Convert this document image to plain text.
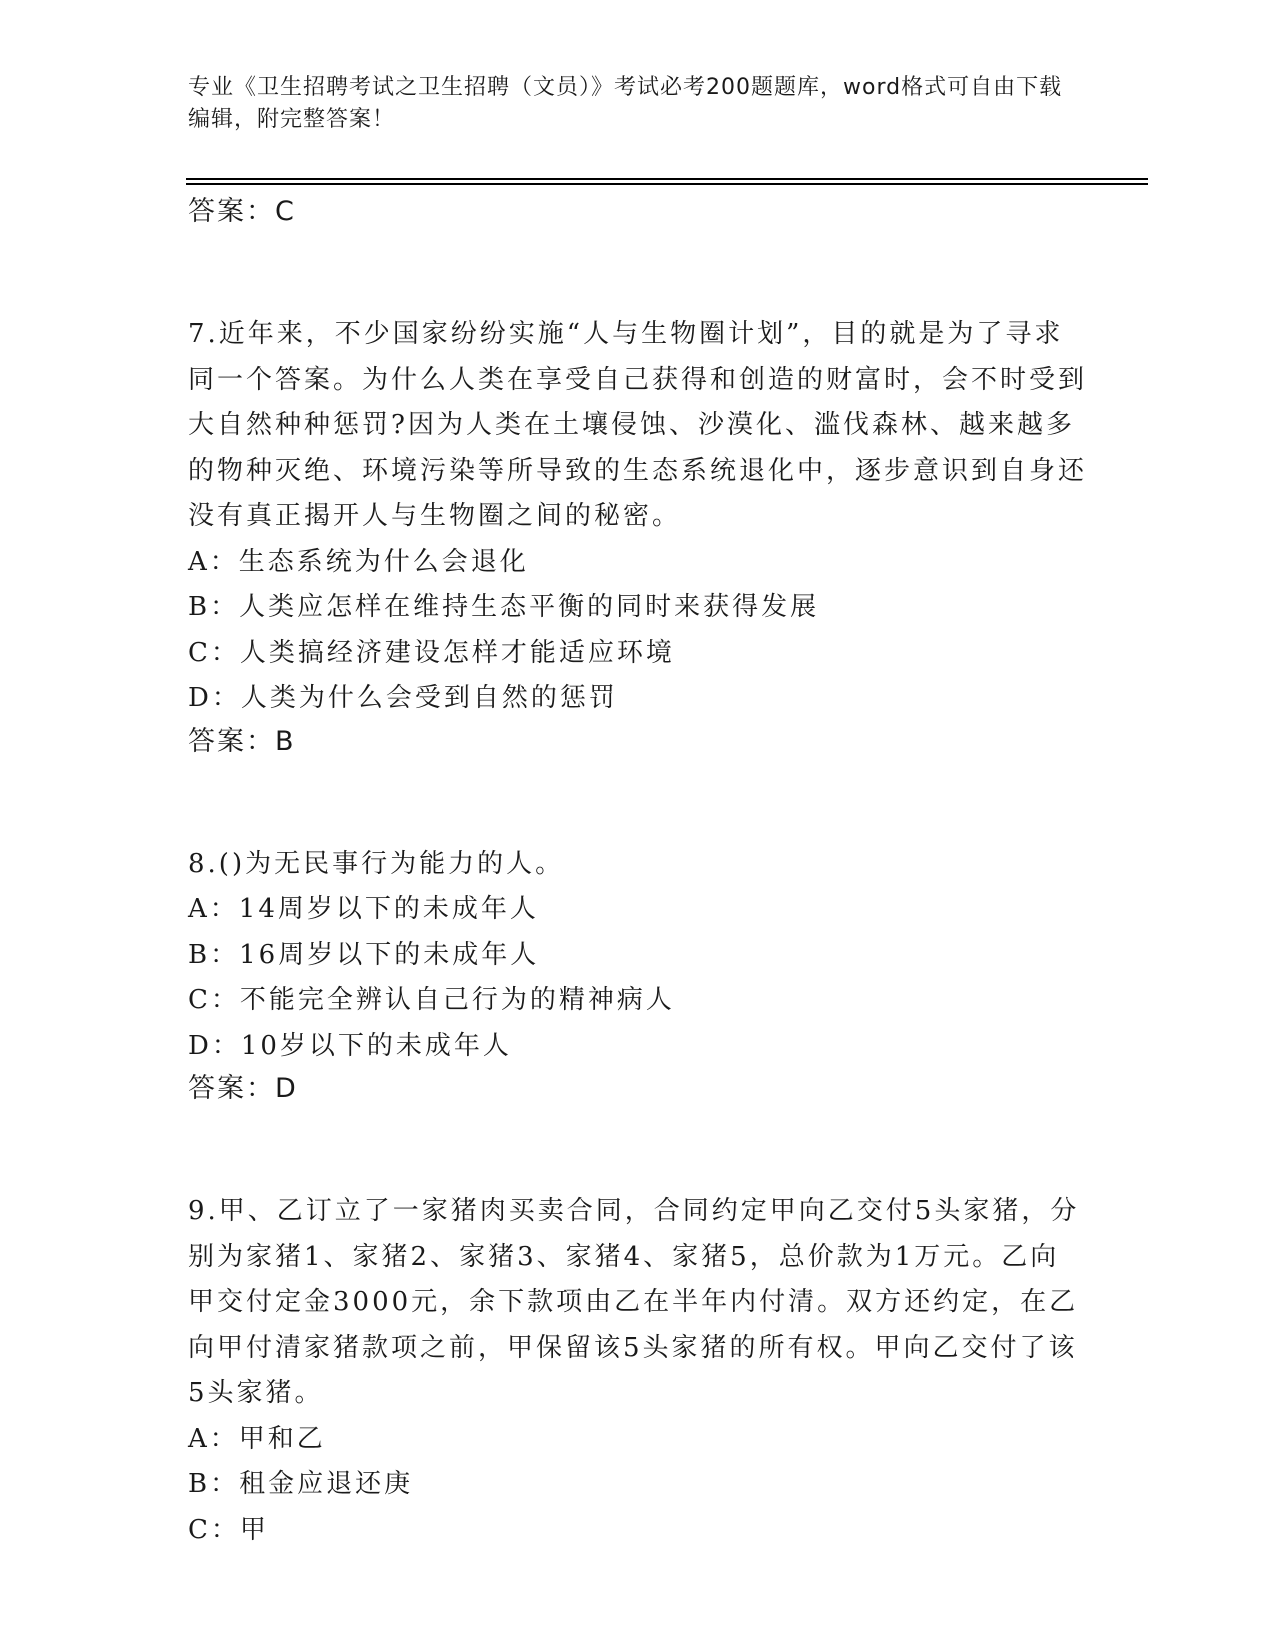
专业《卫生招聘考试之卫生招聘（文员）》考试必考200题题库，word格式可自由下载编辑，附完整答案！
答案：C

7.近年来，不少国家纷纷实施“人与生物圈计划”，目的就是为了寻求同一个答案。为什么人类在享受自己获得和创造的财富时，会不时受到大自然种种惩罚?因为人类在土壤侵蚀、沙漠化、滥伐森林、越来越多的物种灭绝、环境污染等所导致的生态系统退化中，逐步意识到自身还没有真正揭开人与生物圈之间的秘密。

A：生态系统为什么会退化
B：人类应怎样在维持生态平衡的同时来获得发展
C：人类搞经济建设怎样才能适应环境
D：人类为什么会受到自然的惩罚
答案：B

8.()为无民事行为能力的人。

A：14周岁以下的未成年人
B：16周岁以下的未成年人
C：不能完全辨认自己行为的精神病人
D：10岁以下的未成年人
答案：D

9.甲、乙订立了一家猪肉买卖合同，合同约定甲向乙交付5头家猪，分别为家猪1、家猪2、家猪3、家猪4、家猪5，总价款为1万元。乙向甲交付定金3000元，余下款项由乙在半年内付清。双方还约定，在乙向甲付清家猪款项之前，甲保留该5头家猪的所有权。甲向乙交付了该5头家猪。

A：甲和乙
B：租金应退还庚
C：甲
